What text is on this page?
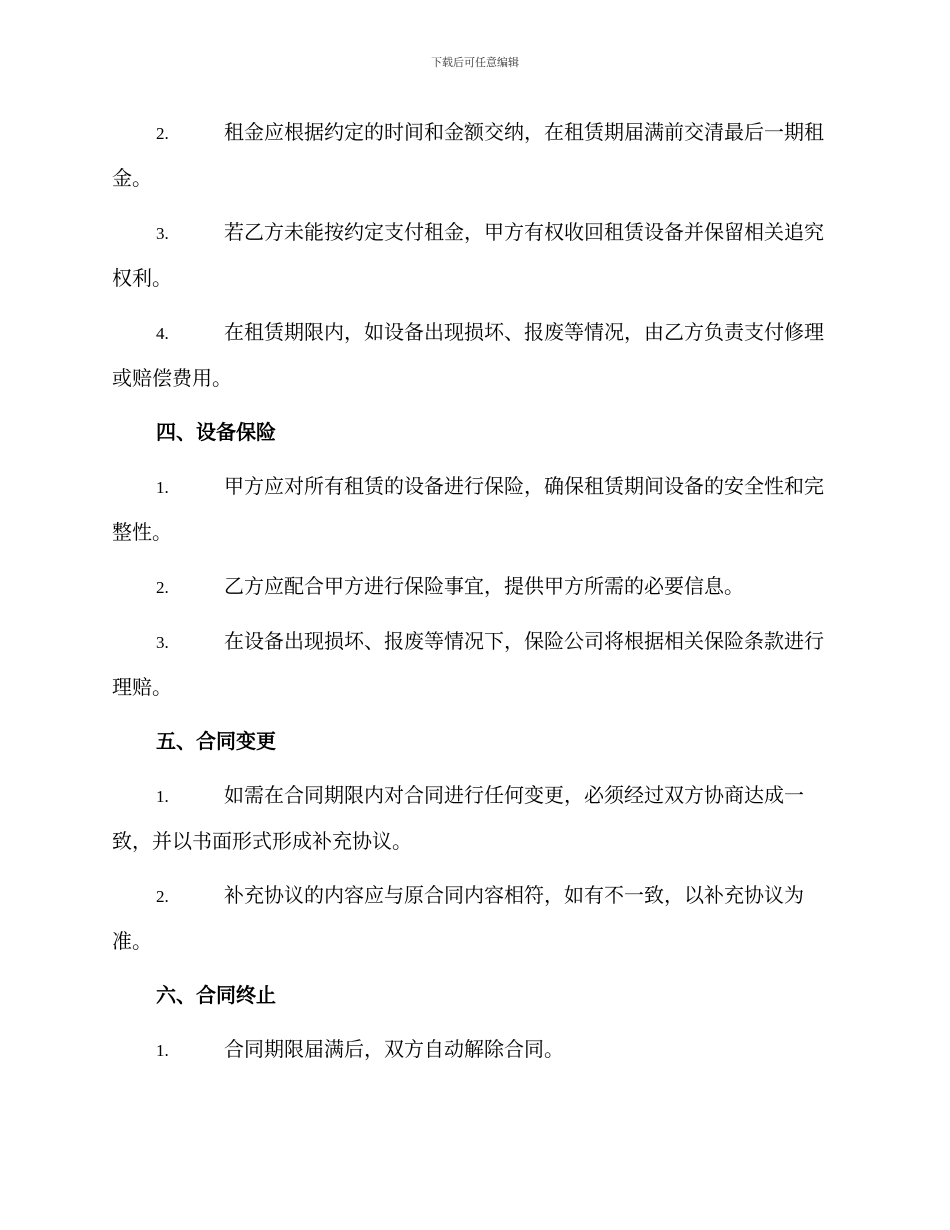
下载后可任意编辑

2.	租金应根据约定的时间和金额交纳，在租赁期届满前交清最后一期租金。

3.	若乙方未能按约定支付租金，甲方有权收回租赁设备并保留相关追究权利。

4.	在租赁期限内，如设备出现损坏、报废等情况，由乙方负责支付修理或赔偿费用。

四、设备保险

1.	甲方应对所有租赁的设备进行保险，确保租赁期间设备的安全性和完整性。

2.	乙方应配合甲方进行保险事宜，提供甲方所需的必要信息。

3.	在设备出现损坏、报废等情况下，保险公司将根据相关保险条款进行理赔。

五、合同变更

1.	如需在合同期限内对合同进行任何变更，必须经过双方协商达成一致，并以书面形式形成补充协议。

2.	补充协议的内容应与原合同内容相符，如有不一致，以补充协议为准。

六、合同终止

1.	合同期限届满后，双方自动解除合同。
